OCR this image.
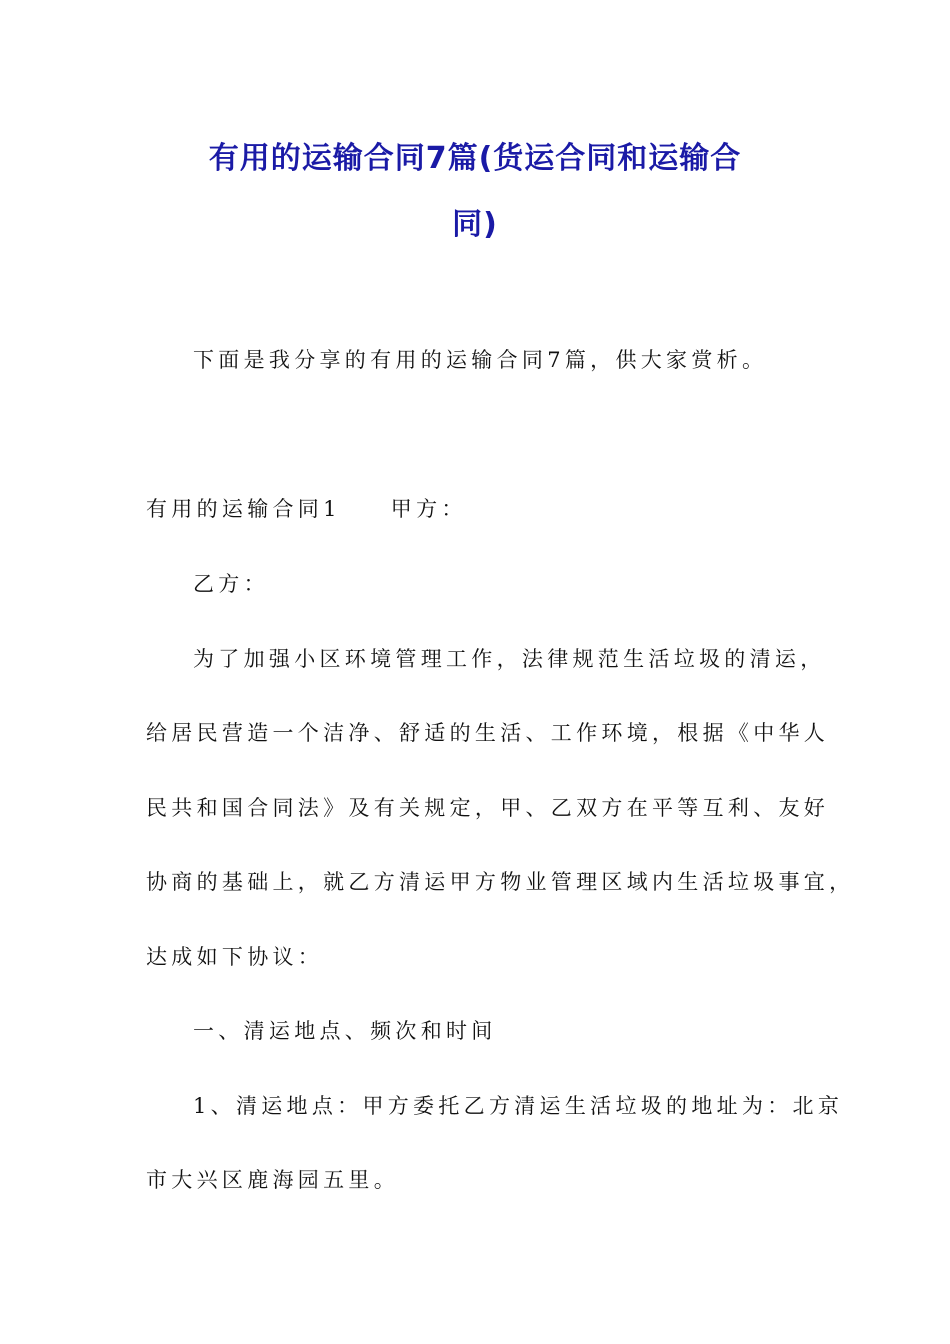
有用的运输合同7篇(货运合同和运输合
同)
下面是我分享的有用的运输合同7篇，供大家赏析。
有用的运输合同1 甲方：
乙方：
为了加强小区环境管理工作，法律规范生活垃圾的清运，
给居民营造一个洁净、舒适的生活、工作环境，根据《中华人
民共和国合同法》及有关规定，甲、乙双方在平等互利、友好
协商的基础上，就乙方清运甲方物业管理区域内生活垃圾事宜，
达成如下协议：
一、清运地点、频次和时间
1、清运地点：甲方委托乙方清运生活垃圾的地址为：北京
市大兴区鹿海园五里。
